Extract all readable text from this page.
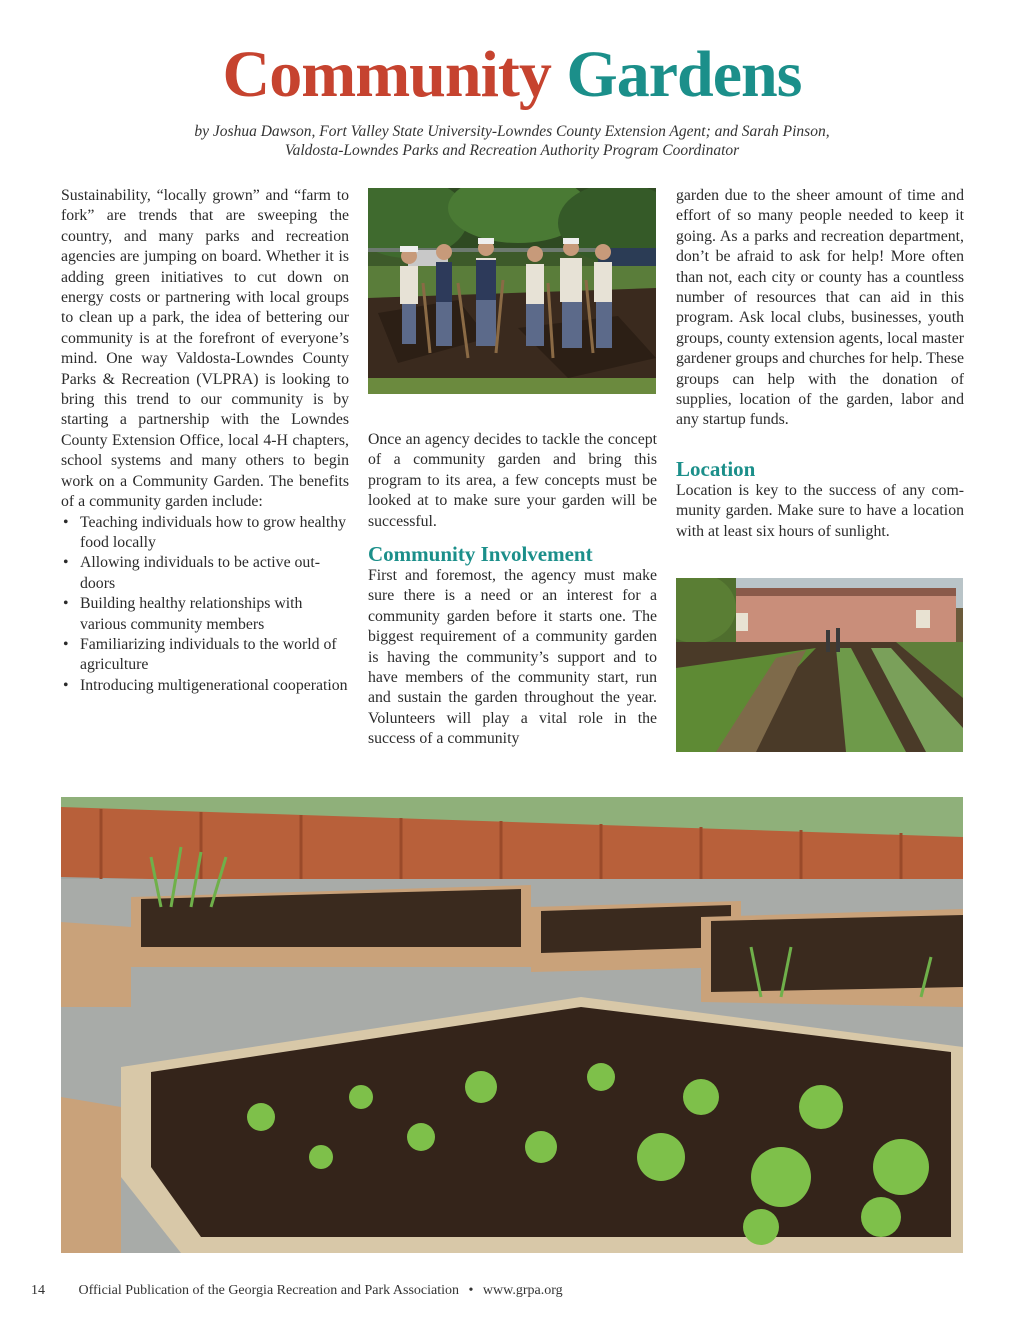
Community Gardens
by Joshua Dawson, Fort Valley State University-Lowndes County Extension Agent; and Sarah Pinson,
Valdosta-Lowndes Parks and Recreation Authority Program Coordinator

Sustainability, “locally grown” and “farm to fork” are trends that are sweeping the country, and many parks and recreation agencies are jumping on board. Whether it is adding green initiatives to cut down on energy costs or partnering with local groups to clean up a park, the idea of bettering our community is at the forefront of everyone’s mind. One way Valdosta-Lowndes County Parks & Recreation (VLPRA) is looking to bring this trend to our community is by starting a partnership with the Lowndes County Extension Office, local 4-H chapters, school systems and many others to begin work on a Community Garden. The benefits of a community garden include:

• Teaching individuals how to grow healthy food locally
• Allowing individuals to be active outdoors
• Building healthy relationships with various community members
• Familiarizing individuals to the world of agriculture
• Introducing multigenerational cooperation

Once an agency decides to tackle the concept of a community garden and bring this program to its area, a few concepts must be looked at to make sure your garden will be successful.

Community Involvement

First and foremost, the agency must make sure there is a need or an interest for a community garden before it starts one. The biggest requirement of a community garden is having the community’s support and to have members of the community start, run and sustain the garden throughout the year. Volunteers will play a vital role in the success of a community

garden due to the sheer amount of time and effort of so many people needed to keep it going. As a parks and recreation department, don’t be afraid to ask for help! More often than not, each city or county has a countless number of resources that can aid in this program. Ask local clubs, businesses, youth groups, county extension agents, local master gardener groups and churches for help. These groups can help with the donation of supplies, location of the garden, labor and any startup funds.

Location

Location is key to the success of any community garden. Make sure to have a location with at least six hours of sunlight.

14 Official Publication of the Georgia Recreation and Park Association • www.grpa.org
